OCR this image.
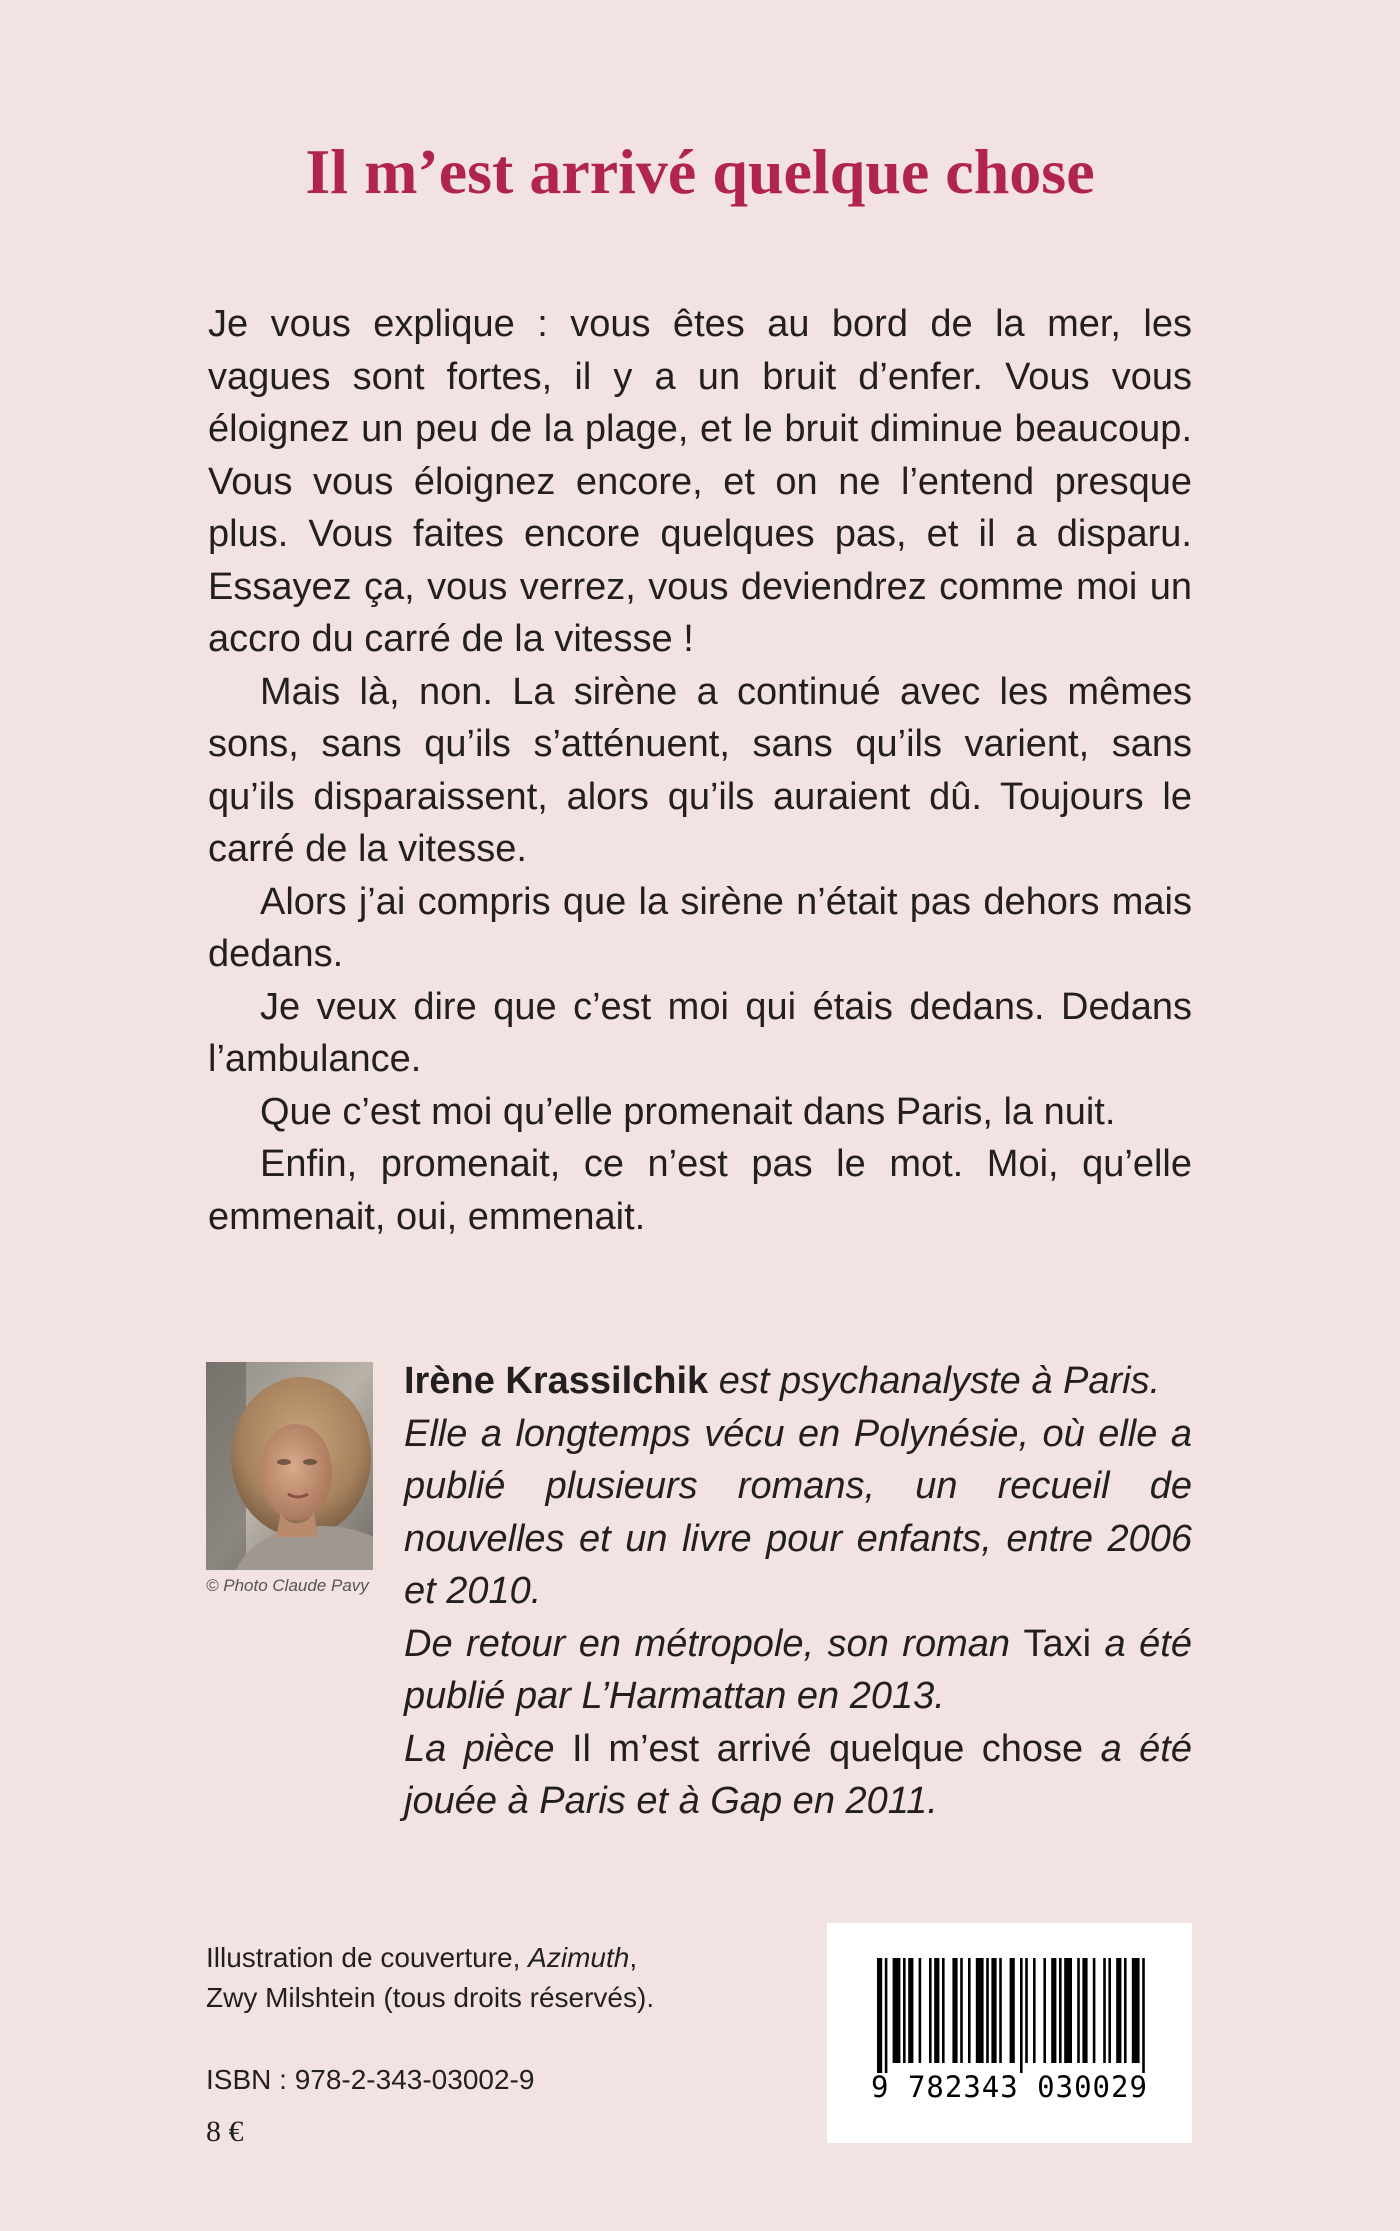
Il m’est arrivé quelque chose

Je vous explique : vous êtes au bord de la mer, les vagues sont fortes, il y a un bruit d’enfer. Vous vous éloignez un peu de la plage, et le bruit diminue beaucoup. Vous vous éloignez encore, et on ne l’entend presque plus. Vous faites encore quelques pas, et il a disparu. Essayez ça, vous verrez, vous deviendrez comme moi un accro du carré de la vitesse !

Mais là, non. La sirène a continué avec les mêmes sons, sans qu’ils s’atténuent, sans qu’ils varient, sans qu’ils disparaissent, alors qu’ils auraient dû. Toujours le carré de la vitesse.

Alors j’ai compris que la sirène n’était pas dehors mais dedans.

Je veux dire que c’est moi qui étais dedans. Dedans l’ambulance.

Que c’est moi qu’elle promenait dans Paris, la nuit.

Enfin, promenait, ce n’est pas le mot. Moi, qu’elle emmenait, oui, emmenait.

© Photo Claude Pavy

Irène Krassilchik est psychanalyste à Paris.

Elle a longtemps vécu en Polynésie, où elle a publié plusieurs romans, un recueil de nouvelles et un livre pour enfants, entre 2006 et 2010.

De retour en métropole, son roman Taxi a été publié par L’Harmattan en 2013.

La pièce Il m’est arrivé quelque chose a été jouée à Paris et à Gap en 2011.

Illustration de couverture, Azimuth,
Zwy Milshtein (tous droits réservés).
ISBN : 978-2-343-03002-9
8 €
9 782343 030029
